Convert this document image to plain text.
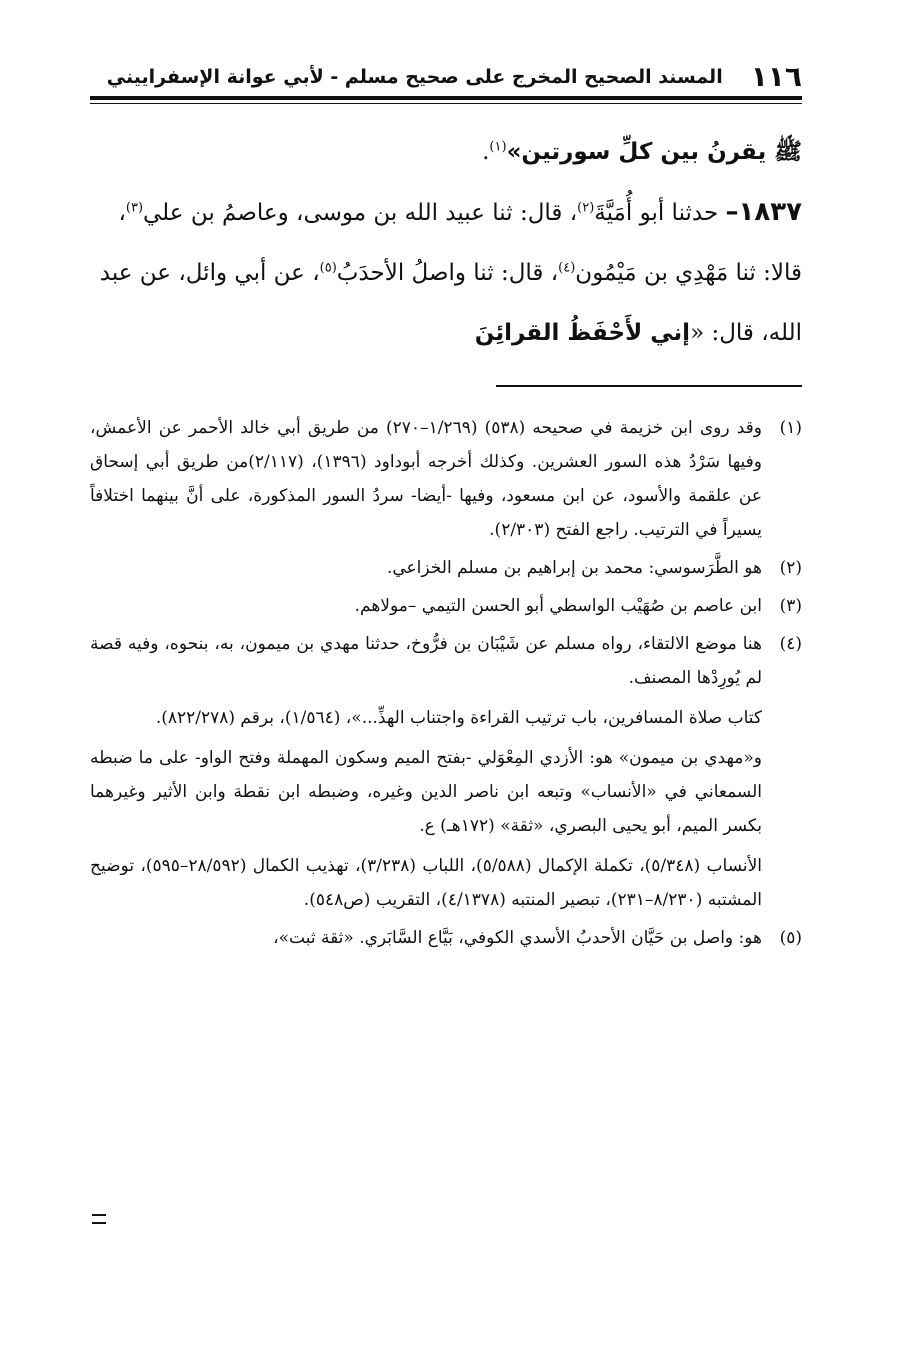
١١٦
المسند الصحيح المخرج على صحيح مسلم - لأبي عوانة الإسفراييني

ﷺ يقرنُ بين كلِّ سورتين»$^{(١)}$.

١٨٣٧– حدثنا أبو أُمَيَّةَ$^{(٢)}$، قال: ثنا عبيد الله بن موسى، وعاصمُ بن علي$^{(٣)}$، قالا: ثنا مَهْدِي بن مَيْمُون$^{(٤)}$، قال: ثنا واصلُ الأحدَبُ$^{(٥)}$، عن أبي وائل، عن عبد الله، قال: «إني لأَحْفَظُ القرائِنَ

(١)

وقد روى ابن خزيمة في صحيحه (٥٣٨) (١/٢٦٩–٢٧٠) من طريق أبي خالد الأحمر عن الأعمش، وفيها سَرْدُ هذه السور العشرين. وكذلك أخرجه أبوداود (١٣٩٦)، (٢/١١٧)من طريق أبي إسحاق عن علقمة والأسود، عن ابن مسعود، وفيها -أيضا- سردُ السور المذكورة، على أنَّ بينهما اختلافاً يسيراً في الترتيب. راجع الفتح (٢/٣٠٣).

(٢)

هو الطَّرَسوسي: محمد بن إبراهيم بن مسلم الخزاعي.

(٣)

ابن عاصم بن صُهَيْب الواسطي أبو الحسن التيمي –مولاهم.

(٤)

هنا موضع الالتقاء، رواه مسلم عن شَيْبَان بن فرُّوخ، حدثنا مهدي بن ميمون، به، بنحوه، وفيه قصة لم يُورِدْها المصنف.

كتاب صلاة المسافرين، باب ترتيب القراءة واجتناب الهذِّ...»، (١/٥٦٤)، برقم (٨٢٢/٢٧٨).

و«مهدي بن ميمون» هو: الأزدي المِعْوَلي -بفتح الميم وسكون المهملة وفتح الواو- على ما ضبطه السمعاني في «الأنساب» وتبعه ابن ناصر الدين وغيره، وضبطه ابن نقطة وابن الأثير وغيرهما بكسر الميم، أبو يحيى البصري، «ثقة» (١٧٢هـ) ع.

الأنساب (٥/٣٤٨)، تكملة الإكمال (٥/٥٨٨)، اللباب (٣/٢٣٨)، تهذيب الكمال (٢٨/٥٩٢–٥٩٥)، توضيح المشتبه (٨/٢٣٠–٢٣١)، تبصير المنتبه (٤/١٣٧٨)، التقريب (ص٥٤٨).

(٥)

هو: واصل بن حَيَّان الأحدبُ الأسدي الكوفي، بَيَّاع السَّابَري. «ثقة ثبت»،
